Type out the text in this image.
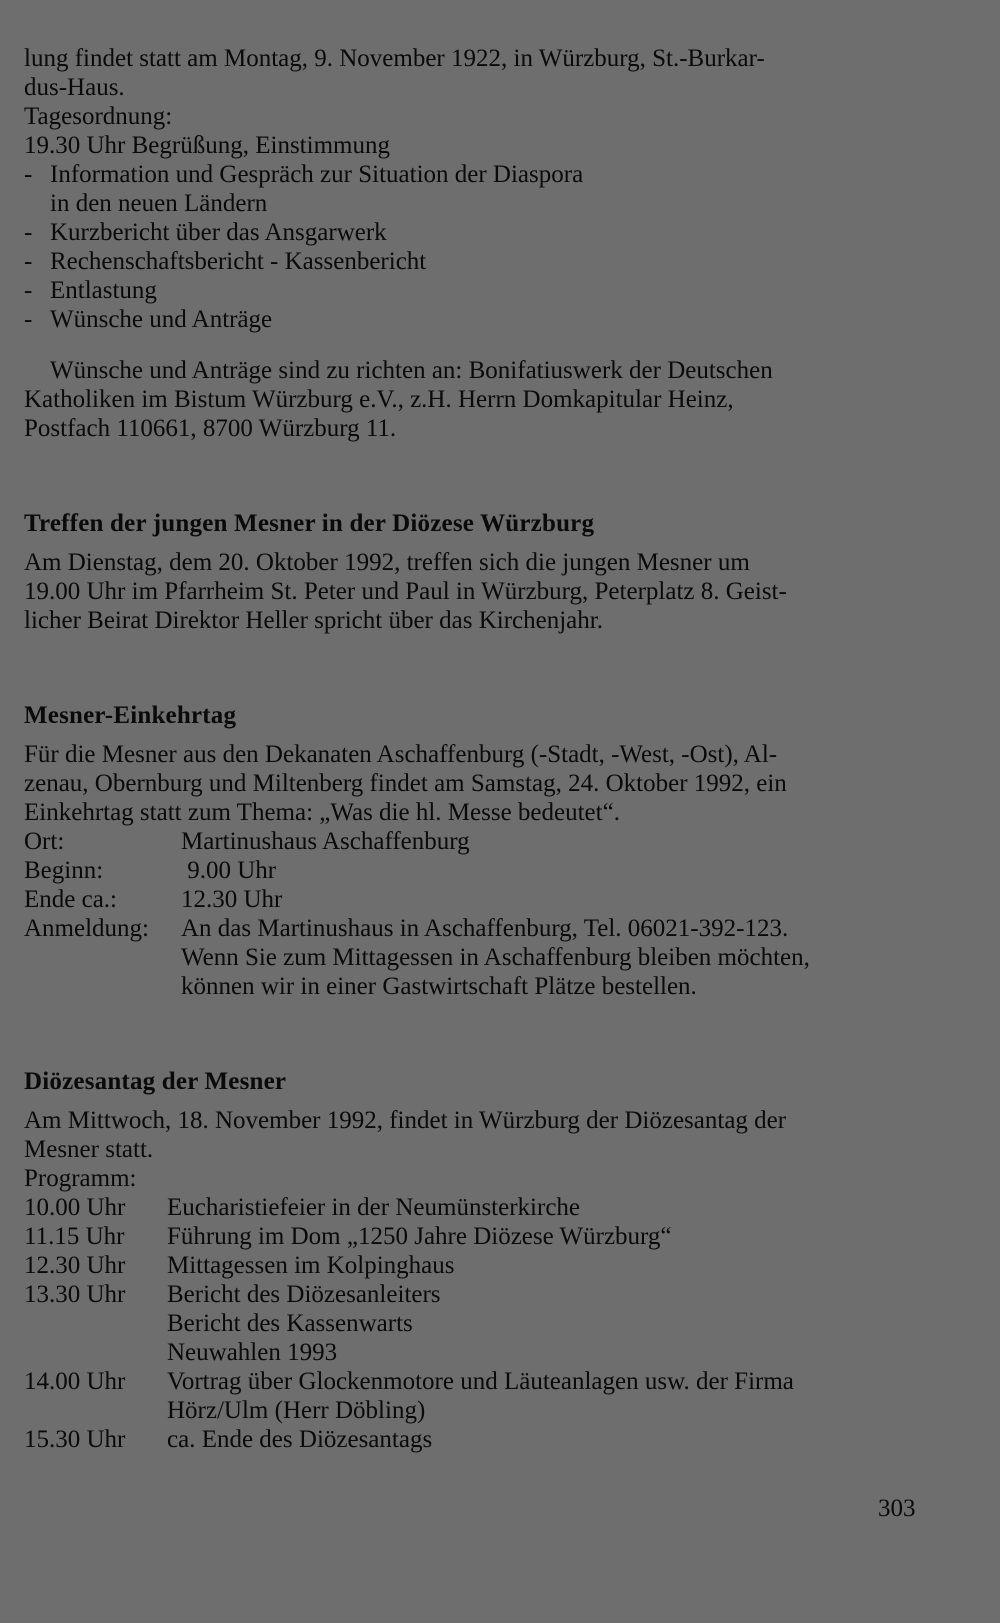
lung findet statt am Montag, 9. November 1922, in Würzburg, St.-Burkar-

dus-Haus.

Tagesordnung:

19.30 Uhr Begrüßung, Einstimmung

- Information und Gespräch zur Situation der Diaspora

in den neuen Ländern

- Kurzbericht über das Ansgarwerk

- Rechenschaftsbericht - Kassenbericht

- Entlastung

- Wünsche und Anträge

Wünsche und Anträge sind zu richten an: Bonifatiuswerk der Deutschen

Katholiken im Bistum Würzburg e.V., z.H. Herrn Domkapitular Heinz,

Postfach 110661, 8700 Würzburg 11.

Treffen der jungen Mesner in der Diözese Würzburg

Am Dienstag, dem 20. Oktober 1992, treffen sich die jungen Mesner um

19.00 Uhr im Pfarrheim St. Peter und Paul in Würzburg, Peterplatz 8. Geist-

licher Beirat Direktor Heller spricht über das Kirchenjahr.

Mesner-Einkehrtag

Für die Mesner aus den Dekanaten Aschaffenburg (-Stadt, -West, -Ost), Al-

zenau, Obernburg und Miltenberg findet am Samstag, 24. Oktober 1992, ein

Einkehrtag statt zum Thema: „Was die hl. Messe bedeutet“.

Ort:	Martinushaus Aschaffenburg
Beginn:	9.00 Uhr
Ende ca.:	12.30 Uhr
Anmeldung:	An das Martinushaus in Aschaffenburg, Tel. 06021-392-123.
Wenn Sie zum Mittagessen in Aschaffenburg bleiben möchten,
können wir in einer Gastwirtschaft Plätze bestellen.
Diözesantag der Mesner

Am Mittwoch, 18. November 1992, findet in Würzburg der Diözesantag der

Mesner statt.

Programm:

10.00 Uhr	Eucharistiefeier in der Neumünsterkirche
11.15 Uhr	Führung im Dom „1250 Jahre Diözese Würzburg“
12.30 Uhr	Mittagessen im Kolpinghaus
13.30 Uhr	Bericht des Diözesanleiters
Bericht des Kassenwarts
Neuwahlen 1993
14.00 Uhr	Vortrag über Glockenmotore und Läuteanlagen usw. der Firma
Hörz/Ulm (Herr Döbling)
15.30 Uhr	ca. Ende des Diözesantags
303
